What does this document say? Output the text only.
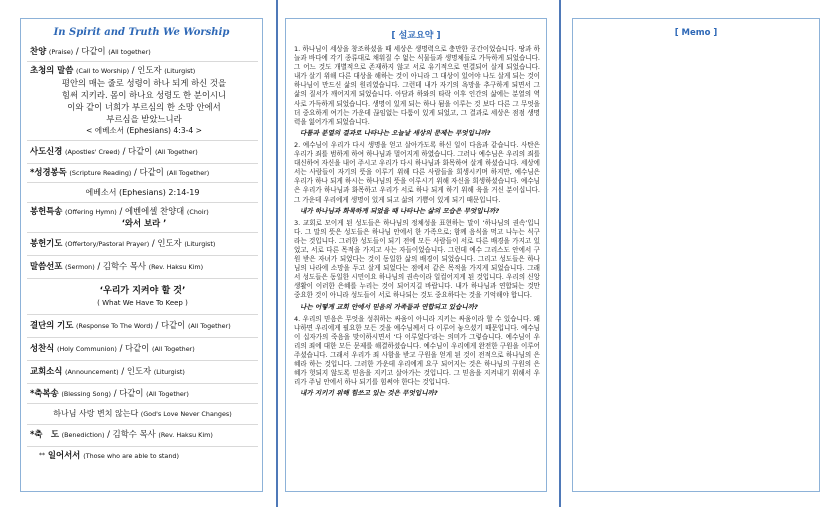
In Spirit and Truth We Worship
찬양 (Praise) / 다같이 (All together)
초청의 말씀 (Call to Worship) / 인도자 (Liturgist)
평안의 매는 줄로 성령이 하나 되게 하신 것을
힘써 지키라. 몸이 하나요 성령도 한 분이시니
이와 같이 너희가 부르심의 한 소망 안에서
부르심을 받았느니라
< 에베소서 (Ephesians) 4:3-4 >
사도신경 (Apostles' Creed) / 다같이 (All Together)
*성경봉독 (Scripture Reading) / 다같이 (All Together)
에베소서 (Ephesians) 2:14-19
봉헌특송 (Offering Hymn) / 에벤에셀 찬양대 (Choir)
‘와서 보라 ’
봉헌기도 (Offertory/Pastoral Prayer) / 인도자 (Liturgist)
말씀선포 (Sermon) / 김학수 목사 (Rev. Haksu Kim)
‘우리가 지켜야 할 것’
( What We Have To Keep )
결단의 기도 (Response To The Word) / 다같이 (All Together)
성찬식 (Holy Communion) / 다같이 (All Together)
교회소식 (Announcement) / 인도자 (Liturgist)
*축복송 (Blessing Song) / 다같이 (All Together)
하나님 사랑 변치 않는다 (God's Love Never Changes)
*축　도 (Benediction) / 김학수 목사 (Rev. Haksu Kim)
** 일어서서 (Those who are able to stand)
[ 설교요약 ]

1. 하나님이 세상을 창조하셨을 때 세상은 생명력으로 충만한 공간이었습니다. 땅과 하늘과 바다에 각기 종류대로 채워질 수 없는 식물들과 생명체들로 가득하게 되었습니다. 그 어느 것도 개별적으로 존재하지 않고 서로 유기적으로 연결되어 살게 되었습니다. 내가 살기 위해 다른 대상을 해하는 것이 아니라 그 대상이 있어야 나도 살게 되는 것이 하나님이 만드신 삶의 원리였습니다. 그런데 내가 자기의 욕망을 추구하게 되면서 그 삶의 질서가 깨어지게 되었습니다. 아담과 하와의 타락 이후 인간의 삶에는 분열의 역사로 가득하게 되었습니다. 생명이 있게 되는 하나 됨을 이루는 것 보다 다른 그 무엇을 더 중요하게 여기는 가운데 끊임없는 다툼이 있게 되었고, 그 결과로 세상은 점점 생명력을 잃어가게 되었습니다.

다툼과 분열의 결과로 나타나는 오늘날 세상의 문제는 무엇입니까?

2. 예수님이 우리가 다시 생명을 얻고 살아가도록 하신 일이 다음과 같습니다. 사탄은 우리가 죄를 범하게 하여 하나님과 멀어지게 하였습니다. 그러나 예수님은 우리의 죄를 대신하여 자신을 내어 주시고 우리가 다시 하나님과 화목하여 살게 하셨습니다. 세상에서는 사람들이 자기의 뜻을 이루기 위해 다른 사람들을 희생시키며 하지만, 예수님은 우리가 하나 되게 하시는 하나님의 뜻을 이루시기 위해 자신을 희생하셨습니다. 예수님은 우리가 하나님과 화목하고 우리가 서로 하나 되게 하기 위해 육을 거신 분이십니다. 그 가운데 우리에게 생명이 있게 되고 삶의 기쁨이 있게 되기 때문입니다.

내가 하나님과 화목하게 되었을 때 나타나는 삶의 모습은 무엇입니까?

3. 교회로 모이게 된 성도들은 하나님의 정체성을 표현하는 말이 ‘하나님의 권속’입니다. 그 말의 뜻은 성도들은 하나님 안에서 한 가족으로; 함께 음식을 먹고 나누는 식구라는 것입니다. 그러한 성도들이 되기 전에 모든 사람들이 서로 다른 배경을 가지고 있었고, 서로 다른 목적을 가지고 사는 자들이었습니다. 그런데 예수 그리스도 안에서 구원 받은 자녀가 되었다는 것이 동일한 삶의 배경이 되었습니다. 그리고 성도들은 하나님의 나라에 소망을 두고 살게 되었다는 점에서 같은 목적을 가지게 되었습니다. 그래서 성도들은 동일한 시민이요 하나님의 권속이라 일컬어지게 된 것입니다. 우리의 신앙생활이 이러한 은혜를 누리는 것이 되어지길 바랍니다. 내가 하나님과 연합되는 것만 중요한 것이 아니라 성도들이 서로 하나되는 것도 중요하다는 것을 기억해야 합니다.

나는 어떻게 교회 안에서 믿음의 가족들과 연합되고 있습니까?

4. 우리의 믿음은 무엇을 성취하는 싸움이 아니라 지키는 싸움이라 할 수 있습니다. 왜냐하면 우리에게 필요한 모든 것을 예수님께서 다 이루어 놓으셨기 때문입니다. 예수님이 십자가의 죽음을 맞이하시면서 ‘다 이루었다’라는 의미가 그렇습니다. 예수님이 우리의 죄에 대한 모든 문제를 해결하셨습니다. 예수님이 우리에게 완전한 구원을 이루어 주셨습니다. 그래서 우리가 죄 사함을 받고 구원을 얻게 된 것이 전적으로 하나님의 은혜라 하는 것입니다. 그러한 가운데 우리에게 요구 되어지는 것은 하나님의 구원의 은혜가 헛되지 않도록 믿음을 지키고 살아가는 것입니다. 그 믿음을 지켜내기 위해서 우리가 주님 안에서 하나 되기를 힘써야 한다는 것입니다.

내가 지키기 위해 힘쓰고 있는 것은 무엇입니까?

[ Memo ]
